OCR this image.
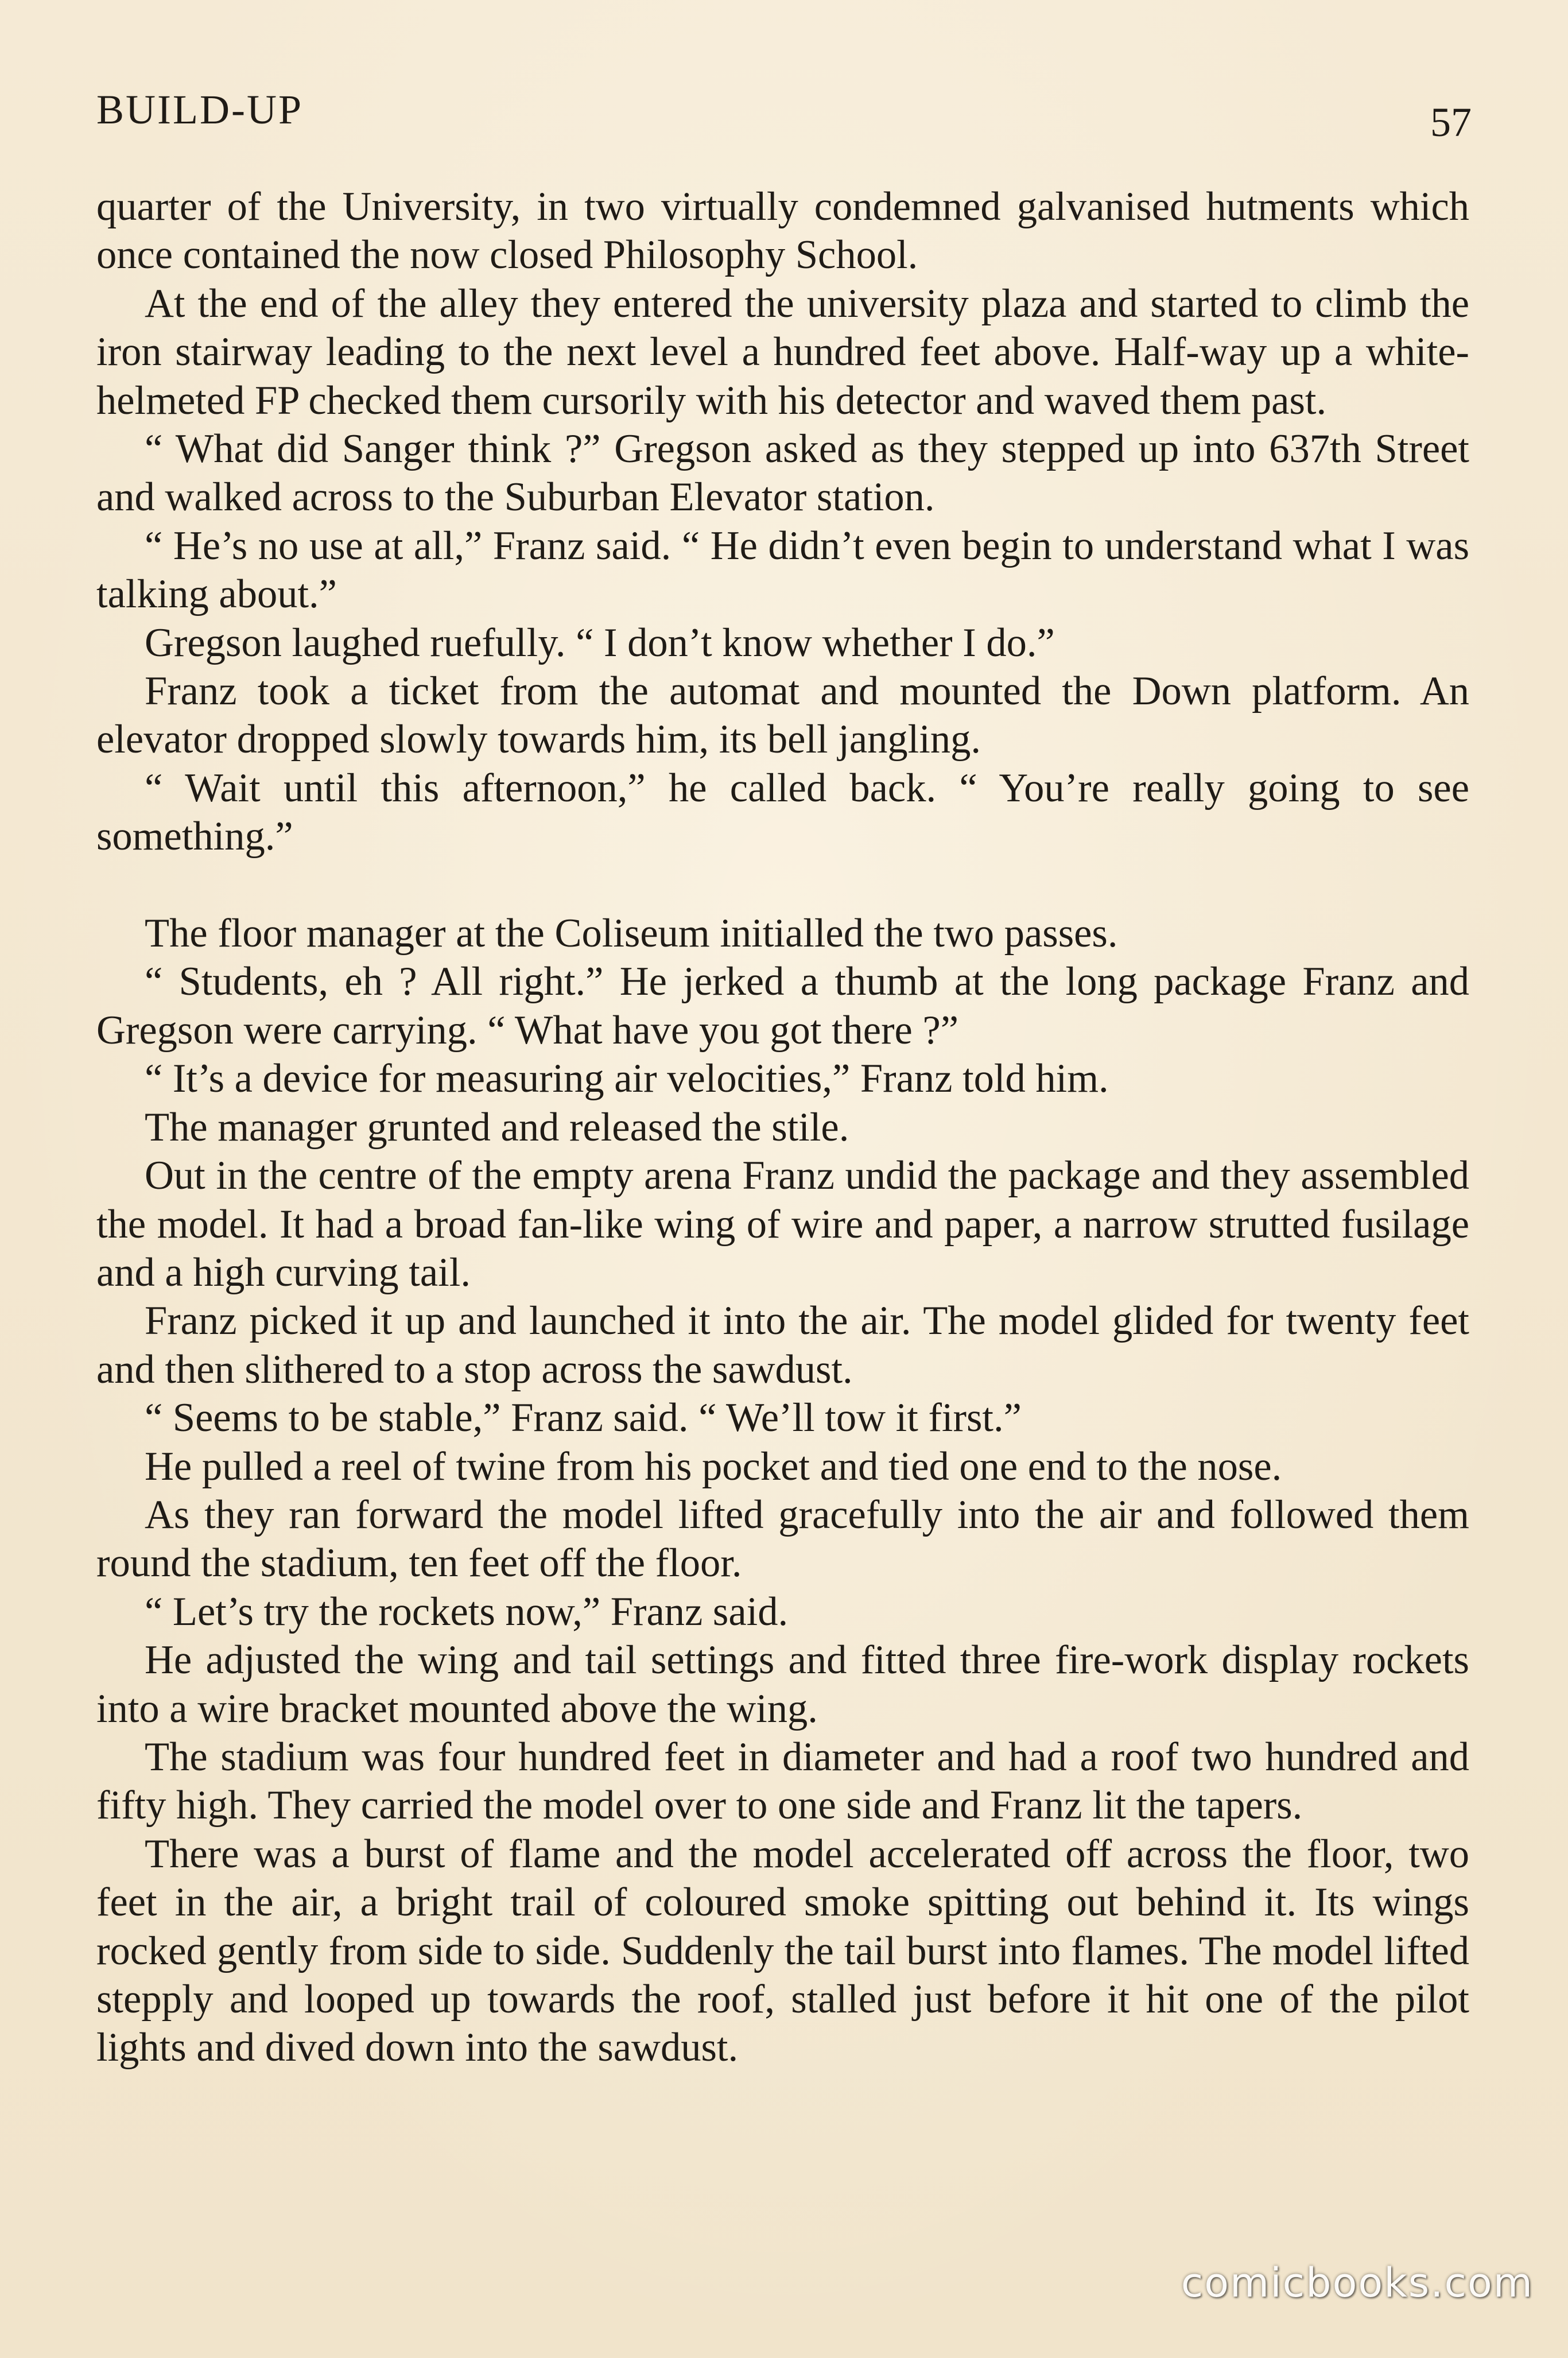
BUILD-UP	57

quarter of the University, in two virtually condemned galvanised hutments which once contained the now closed Philosophy School.

At the end of the alley they entered the university plaza and started to climb the iron stairway leading to the next level a hundred feet above. Half-way up a white-helmeted FP checked them cursorily with his detector and waved them past.

“ What did Sanger think ?” Gregson asked as they stepped up into 637th Street and walked across to the Suburban Elevator station.

“ He’s no use at all,” Franz said. “ He didn’t even begin to understand what I was talking about.”

Gregson laughed ruefully. “ I don’t know whether I do.”

Franz took a ticket from the automat and mounted the Down platform. An elevator dropped slowly towards him, its bell jangling.

“ Wait until this afternoon,” he called back. “ You’re really going to see something.”

The floor manager at the Coliseum initialled the two passes.

“ Students, eh ? All right.” He jerked a thumb at the long package Franz and Gregson were carrying. “ What have you got there ?”

“ It’s a device for measuring air velocities,” Franz told him.

The manager grunted and released the stile.

Out in the centre of the empty arena Franz undid the package and they assembled the model. It had a broad fan-like wing of wire and paper, a narrow strutted fusilage and a high curving tail.

Franz picked it up and launched it into the air. The model glided for twenty feet and then slithered to a stop across the sawdust.

“ Seems to be stable,” Franz said. “ We’ll tow it first.”

He pulled a reel of twine from his pocket and tied one end to the nose.

As they ran forward the model lifted gracefully into the air and followed them round the stadium, ten feet off the floor.

“ Let’s try the rockets now,” Franz said.

He adjusted the wing and tail settings and fitted three fire-work display rockets into a wire bracket mounted above the wing.

The stadium was four hundred feet in diameter and had a roof two hundred and fifty high. They carried the model over to one side and Franz lit the tapers.

There was a burst of flame and the model accelerated off across the floor, two feet in the air, a bright trail of coloured smoke spitting out behind it. Its wings rocked gently from side to side. Suddenly the tail burst into flames. The model lifted stepply and looped up towards the roof, stalled just before it hit one of the pilot lights and dived down into the sawdust.

comicbooks.com
